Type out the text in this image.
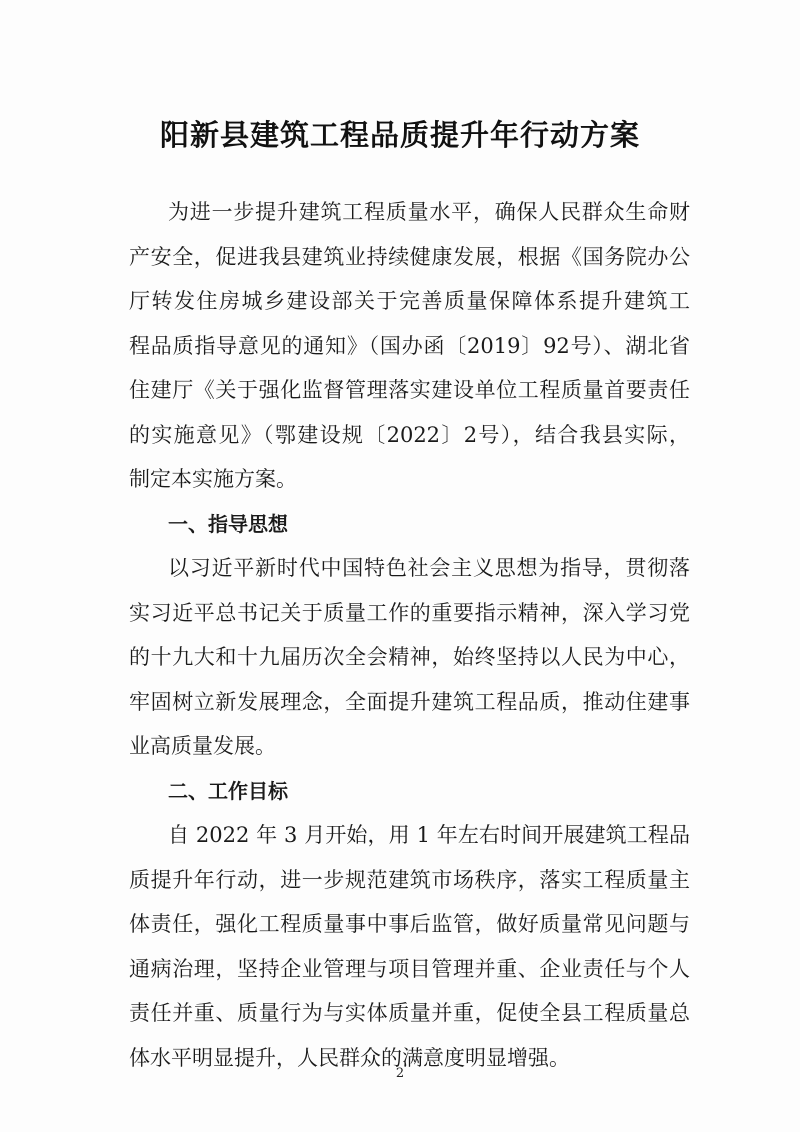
阳新县建筑工程品质提升年行动方案
为进一步提升建筑工程质量水平，确保人民群众生命财
产安全，促进我县建筑业持续健康发展，根据《国务院办公
厅转发住房城乡建设部关于完善质量保障体系提升建筑工
程品质指导意见的通知》（国办函〔2019〕92号）、湖北省
住建厅《关于强化监督管理落实建设单位工程质量首要责任
的实施意见》（鄂建设规〔2022〕2号），结合我县实际，
制定本实施方案。
一、指导思想
以习近平新时代中国特色社会主义思想为指导，贯彻落
实习近平总书记关于质量工作的重要指示精神，深入学习党
的十九大和十九届历次全会精神，始终坚持以人民为中心，
牢固树立新发展理念，全面提升建筑工程品质，推动住建事
业高质量发展。
二、工作目标
自 2022 年 3 月开始，用 1 年左右时间开展建筑工程品
质提升年行动，进一步规范建筑市场秩序，落实工程质量主
体责任，强化工程质量事中事后监管，做好质量常见问题与
通病治理，坚持企业管理与项目管理并重、企业责任与个人
责任并重、质量行为与实体质量并重，促使全县工程质量总
体水平明显提升，人民群众的满意度明显增强。
2
